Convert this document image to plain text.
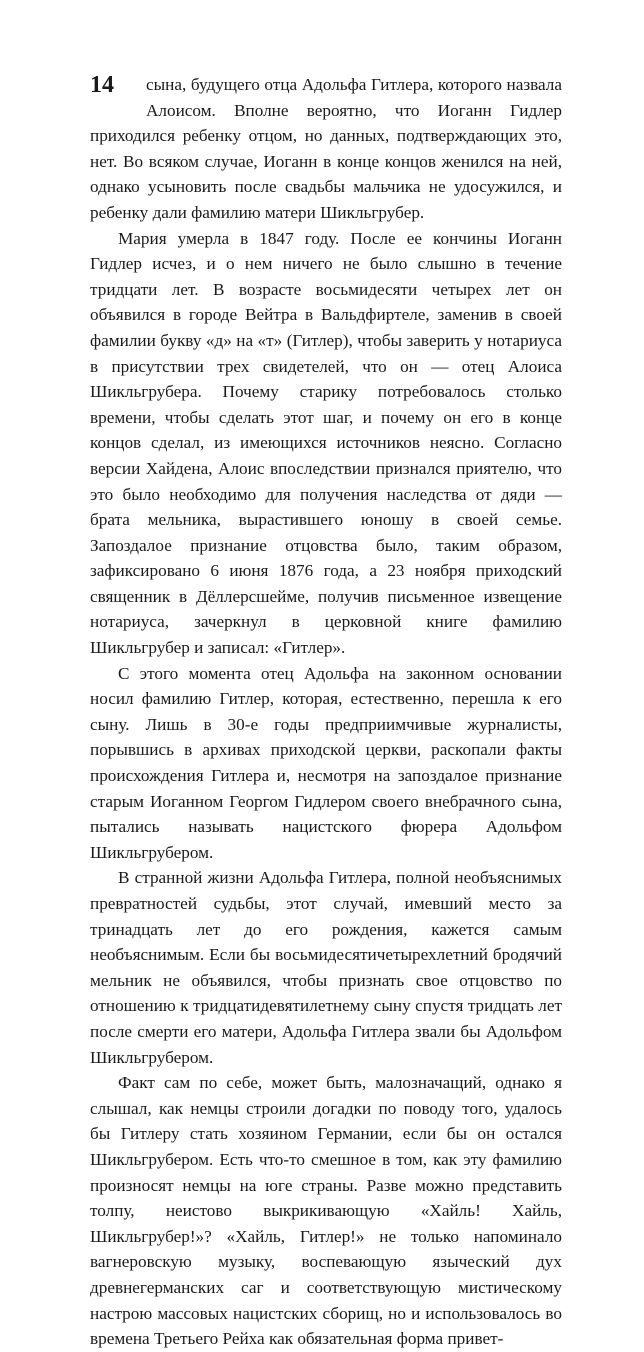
14	сына, будущего отца Адольфа Гитлера, которого назвала Алоисом. Вполне вероятно, что Иоганн Гидлер приходился ребенку отцом, но данных, подтверждающих это, нет. Во всяком случае, Иоганн в конце концов женился на ней, однако усыновить после свадьбы мальчика не удосужился, и ребенку дали фамилию матери Шикльгрубер.

Мария умерла в 1847 году. После ее кончины Иоганн Гидлер исчез, и о нем ничего не было слышно в течение тридцати лет. В возрасте восьмидесяти четырех лет он объявился в городе Вейтра в Вальдфиртеле, заменив в своей фамилии букву «д» на «т» (Гитлер), чтобы заверить у нотариуса в присутствии трех свидетелей, что он — отец Алоиса Шикльгрубера. Почему старику потребовалось столько времени, чтобы сделать этот шаг, и почему он его в конце концов сделал, из имеющихся источников неясно. Согласно версии Хайдена, Алоис впоследствии признался приятелю, что это было необходимо для получения наследства от дяди — брата мельника, вырастившего юношу в своей семье. Запоздалое признание отцовства было, таким образом, зафиксировано 6 июня 1876 года, а 23 ноября приходский священник в Дёллерсшейме, получив письменное извещение нотариуса, зачеркнул в церковной книге фамилию Шикльгрубер и записал: «Гитлер».

С этого момента отец Адольфа на законном основании носил фамилию Гитлер, которая, естественно, перешла к его сыну. Лишь в 30-е годы предприимчивые журналисты, порывшись в архивах приходской церкви, раскопали факты происхождения Гитлера и, несмотря на запоздалое признание старым Иоганном Георгом Гидлером своего внебрачного сына, пытались называть нацистского фюрера Адольфом Шикльгрубером.

В странной жизни Адольфа Гитлера, полной необъяснимых превратностей судьбы, этот случай, имевший место за тринадцать лет до его рождения, кажется самым необъяснимым. Если бы восьмидесятичетырехлетний бродячий мельник не объявился, чтобы признать свое отцовство по отношению к тридцатидевятилетнему сыну спустя тридцать лет после смерти его матери, Адольфа Гитлера звали бы Адольфом Шикльгрубером.

Факт сам по себе, может быть, малозначащий, однако я слышал, как немцы строили догадки по поводу того, удалось бы Гитлеру стать хозяином Германии, если бы он остался Шикльгрубером. Есть что-то смешное в том, как эту фамилию произносят немцы на юге страны. Разве можно представить толпу, неистово выкрикивающую «Хайль! Хайль, Шикльгрубер!»? «Хайль, Гитлер!» не только напоминало вагнеровскую музыку, воспевающую языческий дух древнегерманских саг и соответствующую мистическому настрою массовых нацистских сборищ, но и использовалось во времена Третьего Рейха как обязательная форма привет-
